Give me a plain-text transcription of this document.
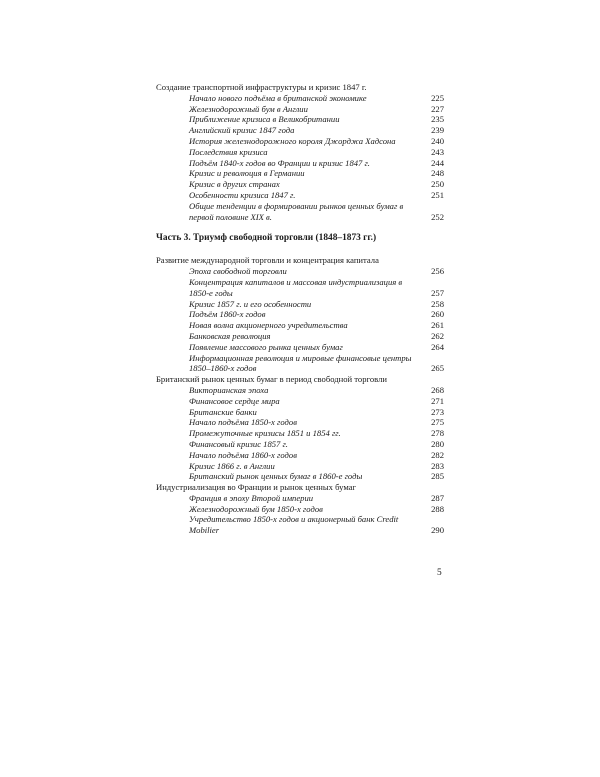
Создание транспортной инфраструктуры и кризис 1847 г.
Начало нового подъёма в британской экономике	225
Железнодорожный бум в Англии	227
Приближение кризиса в Великобритании	235
Английский кризис 1847 года	239
История железнодорожного короля Джорджа Хадсона	240
Последствия кризиса	243
Подъём 1840-х годов во Франции и кризис 1847 г.	244
Кризис и революция в Германии	248
Кризис в других странах	250
Особенности кризиса 1847 г.	251
Общие тенденции в формировании рынков ценных бумаг в первой половине XIX в.	252
Часть 3. Триумф свободной торговли (1848–1873 гг.)
Развитие международной торговли и концентрация капитала
Эпоха свободной торговли	256
Концентрация капиталов и массовая индустриализация в 1850-е годы	257
Кризис 1857 г. и его особенности	258
Подъём 1860-х годов	260
Новая волна акционерного учредительства	261
Банковская революция	262
Появление массового рынка ценных бумаг	264
Информационная революция и мировые финансовые центры 1850–1860-х годов	265
Британский рынок ценных бумаг в период свободной торговли
Викторианская эпоха	268
Финансовое сердце мира	271
Британские банки	273
Начало подъёма 1850-х годов	275
Промежуточные кризисы 1851 и 1854 гг.	278
Финансовый кризис 1857 г.	280
Начало подъёма 1860-х годов	282
Кризис 1866 г. в Англии	283
Британский рынок ценных бумаг в 1860-е годы	285
Индустриализация во Франции и рынок ценных бумаг
Франция в эпоху Второй империи	287
Железнодорожный бум 1850-х годов	288
Учредительство 1850-х годов и акционерный банк Credit Mobilier	290
5
